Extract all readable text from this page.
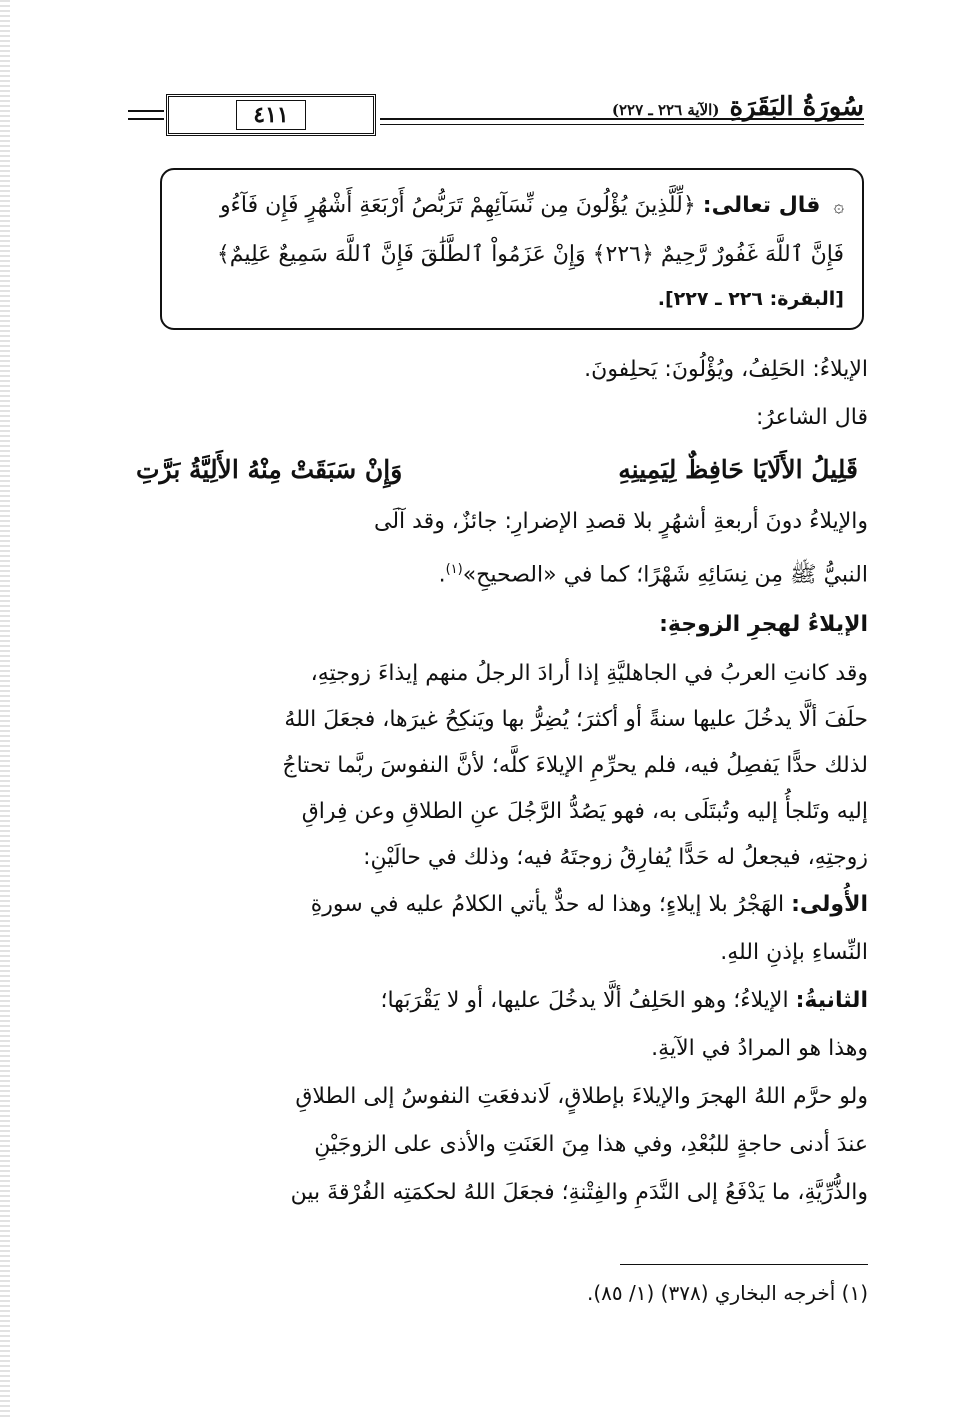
٤١١	سُورَةُ البَقَرَةِ
(الآية ٢٢٦ ـ ٢٢٧)
۞ قال تعالى: ﴿لِّلَّذِينَ يُؤْلُونَ مِن نِّسَآئِهِمْ تَرَبُّصُ أَرْبَعَةِ أَشْهُرٍ فَإِن فَآءُو
فَإِنَّ ٱللَّهَ غَفُورٌ رَّحِيمٌ ﴿٢٢٦﴾ وَإِنْ عَزَمُواْ ٱلطَّلَٰقَ فَإِنَّ ٱللَّهَ سَمِيعٌ عَلِيمٌ﴾
[البقرة: ٢٢٦ ـ ٢٢٧].

الإيلاءُ: الحَلِفُ، ويُؤْلُونَ: يَحلِفونَ.

قال الشاعرُ:

قَلِيلُ الأَلَايَا حَافِظٌ لِيَمِينِهِ
وَإِنْ سَبَقَتْ مِنْهُ الأَلِيَّةُ بَرَّتِ

والإيلاءُ دونَ أربعةِ أشهُرٍ بلا قصدِ الإضرارِ: جائزٌ، وقد آلَى

النبيُّ ﷺ مِن نِسَائِهِ شَهْرًا؛ كما في «الصحيحِ»$^{(١)}$.

الإيلاءُ لهجرِ الزوجةِ:

وقد كانتِ العربُ في الجاهليَّةِ إذا أرادَ الرجلُ منهم إيذاءَ زوجتِهِ،

حلَفَ ألَّا يدخُلَ عليها سنةً أو أكثرَ؛ يُضِرُّ بها ويَنكِحُ غيرَها، فجعَلَ اللهُ

لذلك حدًّا يَفصِلُ فيه، فلم يحرِّمِ الإيلاءَ كلَّه؛ لأنَّ النفوسَ ربَّما تحتاجُ

إليه وتَلجأُ إليه وتُبتَلَى به، فهو يَصُدُّ الرَّجُلَ عنِ الطلاقِ وعن فِراقِ

زوجتِهِ، فيجعلُ له حَدًّا يُفارِقُ زوجتَهُ فيه؛ وذلك في حالَيْنِ:

الأُولى: الهَجْرُ بلا إيلاءٍ؛ وهذا له حدٌّ يأتي الكلامُ عليه في سورةِ

النِّساءِ بإذنِ اللهِ.

الثانيةُ: الإيلاءُ؛ وهو الحَلِفُ ألَّا يدخُلَ عليها، أو لا يَقْرَبَها؛

وهذا هو المرادُ في الآيةِ.

ولو حرَّم اللهُ الهجرَ والإيلاءَ بإطلاقٍ، لَاندفعَتِ النفوسُ إلى الطلاقِ

عندَ أدنى حاجةٍ للبُعْدِ، وفي هذا مِنَ العَنَتِ والأذى على الزوجَيْنِ

والذُّرِّيَّةِ، ما يَدْفَعُ إلى النَّدَمِ والفِتْنةِ؛ فجعَلَ اللهُ لحكمَتِه الفُرْقةَ بين

(١) أخرجه البخاري (٣٧٨) (١/ ٨٥).
